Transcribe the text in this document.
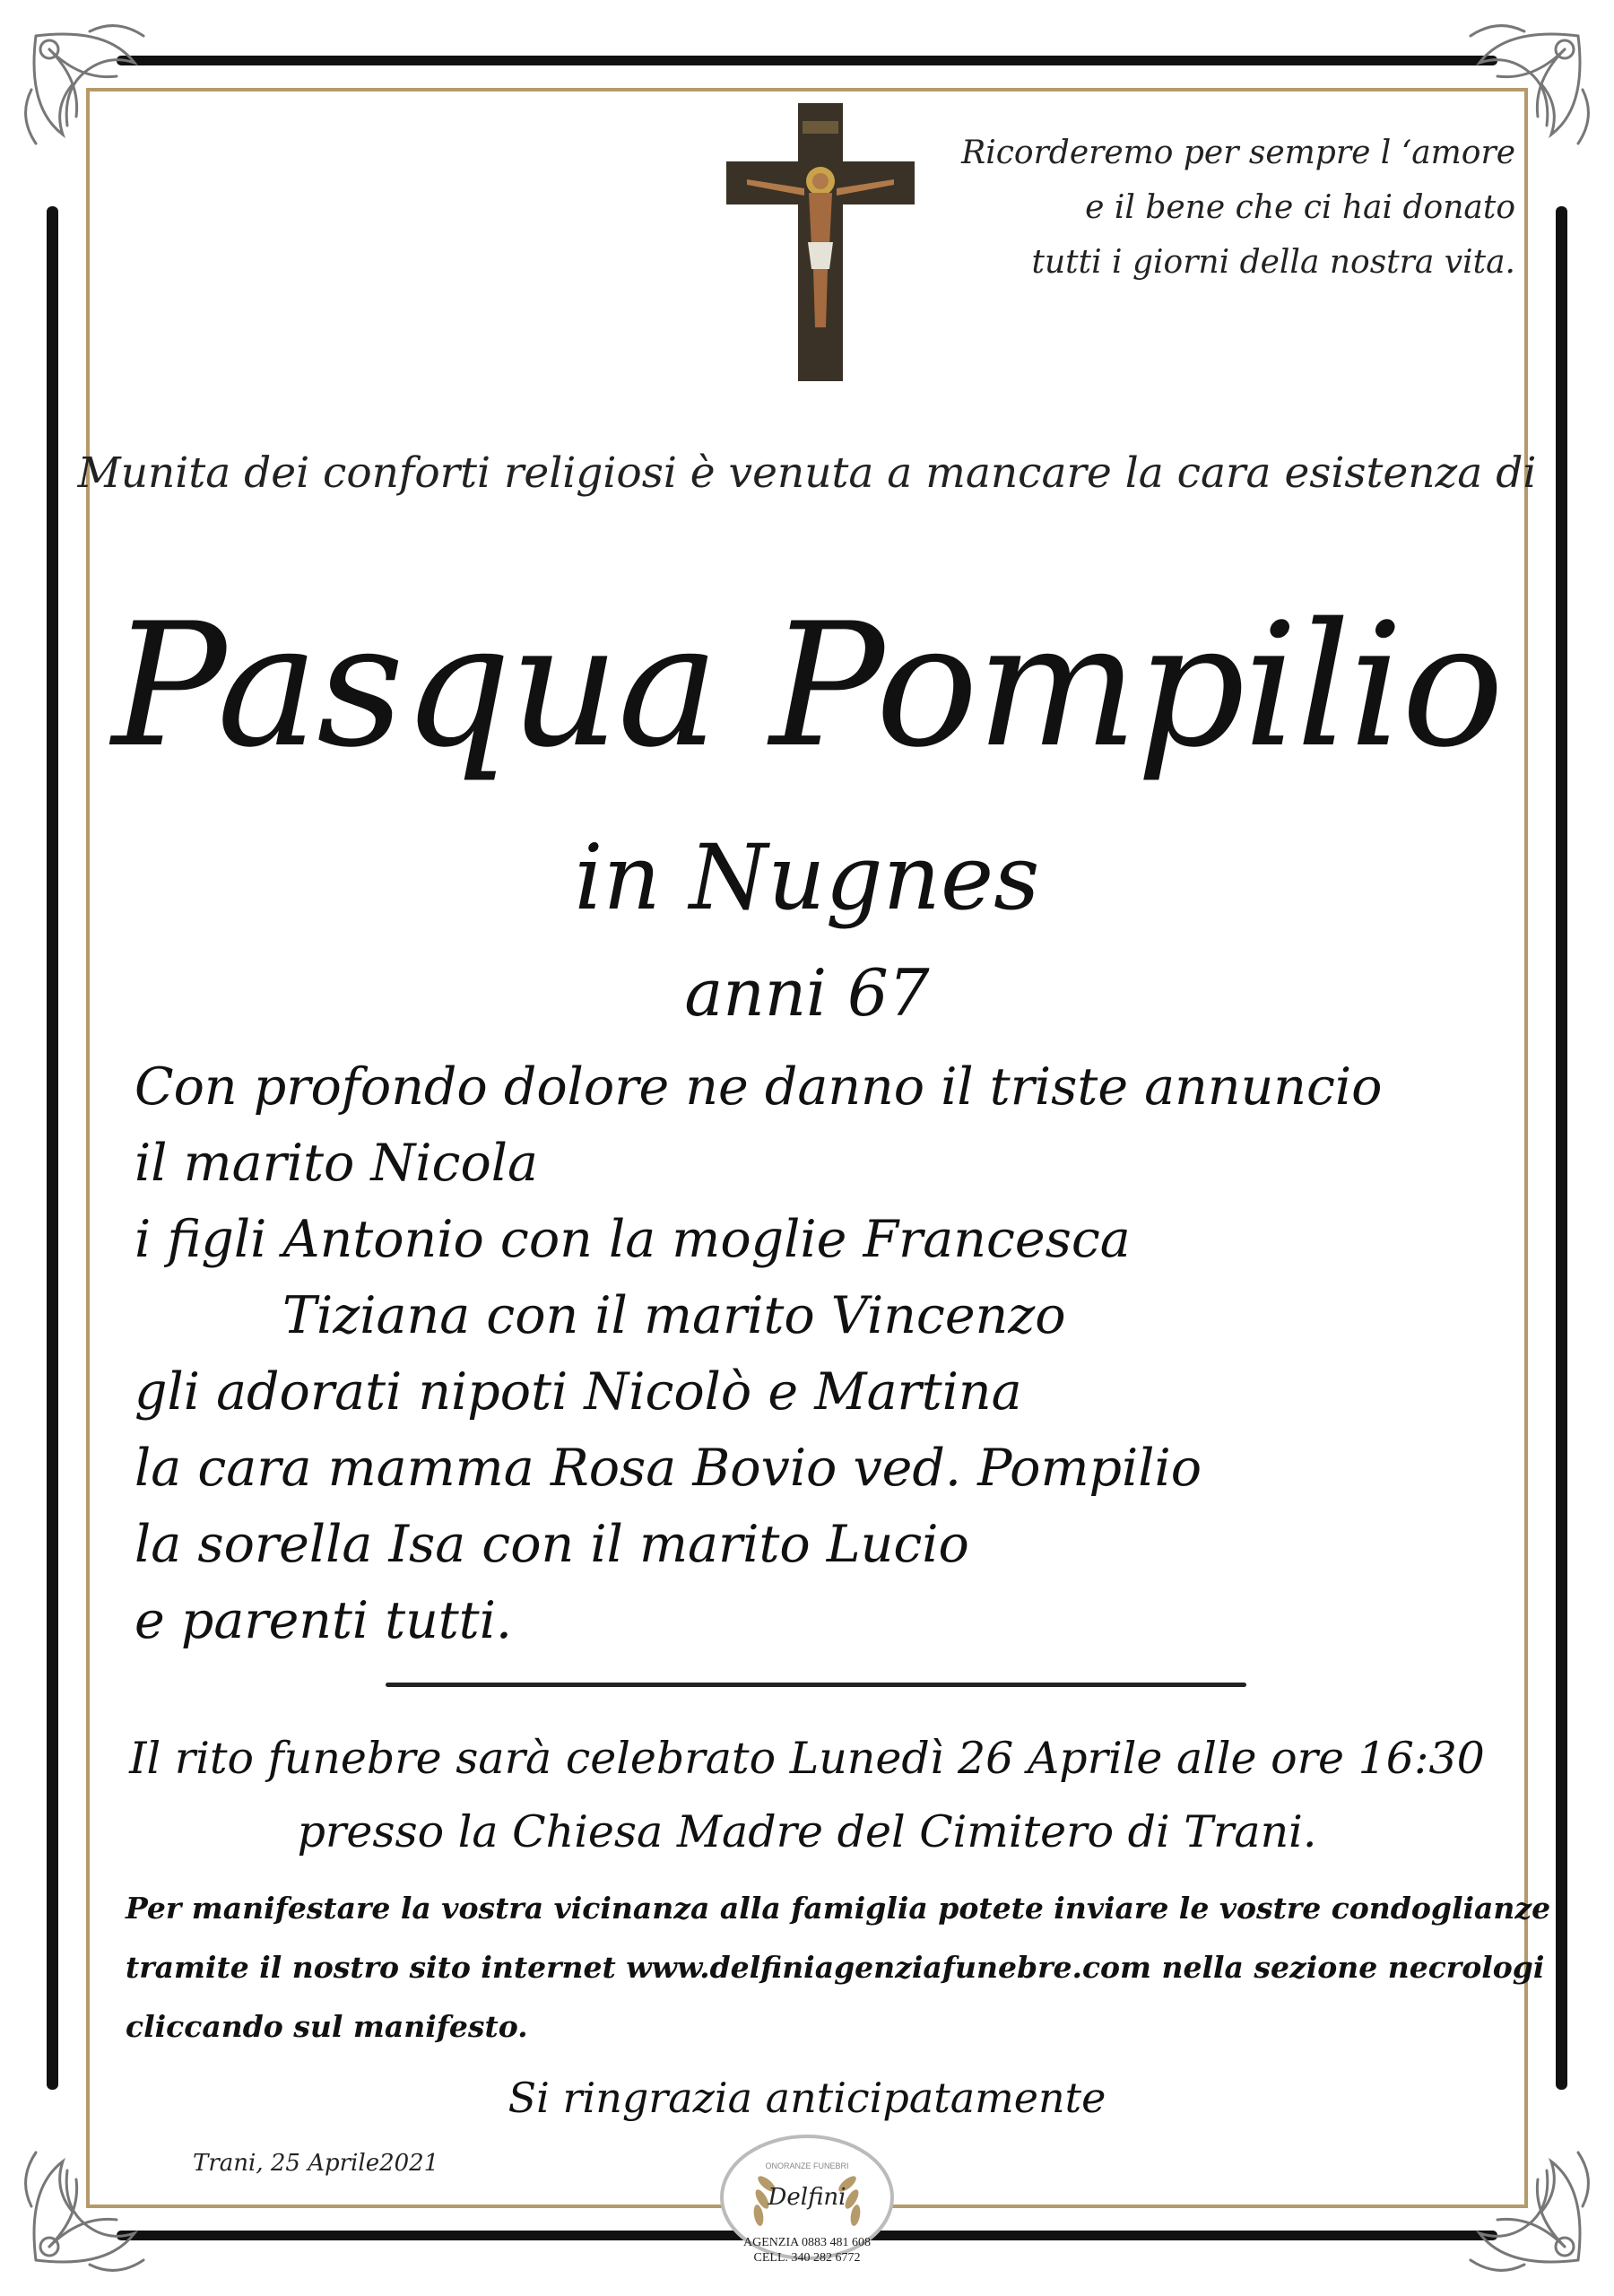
Ricorderemo per sempre l ‘amore
e il bene che ci hai donato
tutti i giorni della nostra vita.
Munita dei conforti religiosi è venuta a mancare la cara esistenza di
Pasqua Pompilio
in Nugnes
anni 67
Con profondo dolore ne danno il triste annuncio
il marito Nicola
i figli Antonio con la moglie Francesca
Tiziana con il marito Vincenzo
gli adorati nipoti Nicolò e Martina
la cara mamma Rosa Bovio ved. Pompilio
la sorella Isa con il marito Lucio
e parenti tutti.
Il rito funebre sarà celebrato Lunedì 26 Aprile alle ore 16:30
presso la Chiesa Madre del Cimitero di Trani.
Per manifestare la vostra vicinanza alla famiglia potete inviare le vostre condoglianze
tramite il nostro sito internet www.delfiniagenziafunebre.com nella sezione necrologi
cliccando sul manifesto.
Si ringrazia anticipatamente
Trani, 25 Aprile2021	ONORANZE FUNEBRI
Delfini
AGENZIA 0883 481 608
CELL. 340 282 6772
